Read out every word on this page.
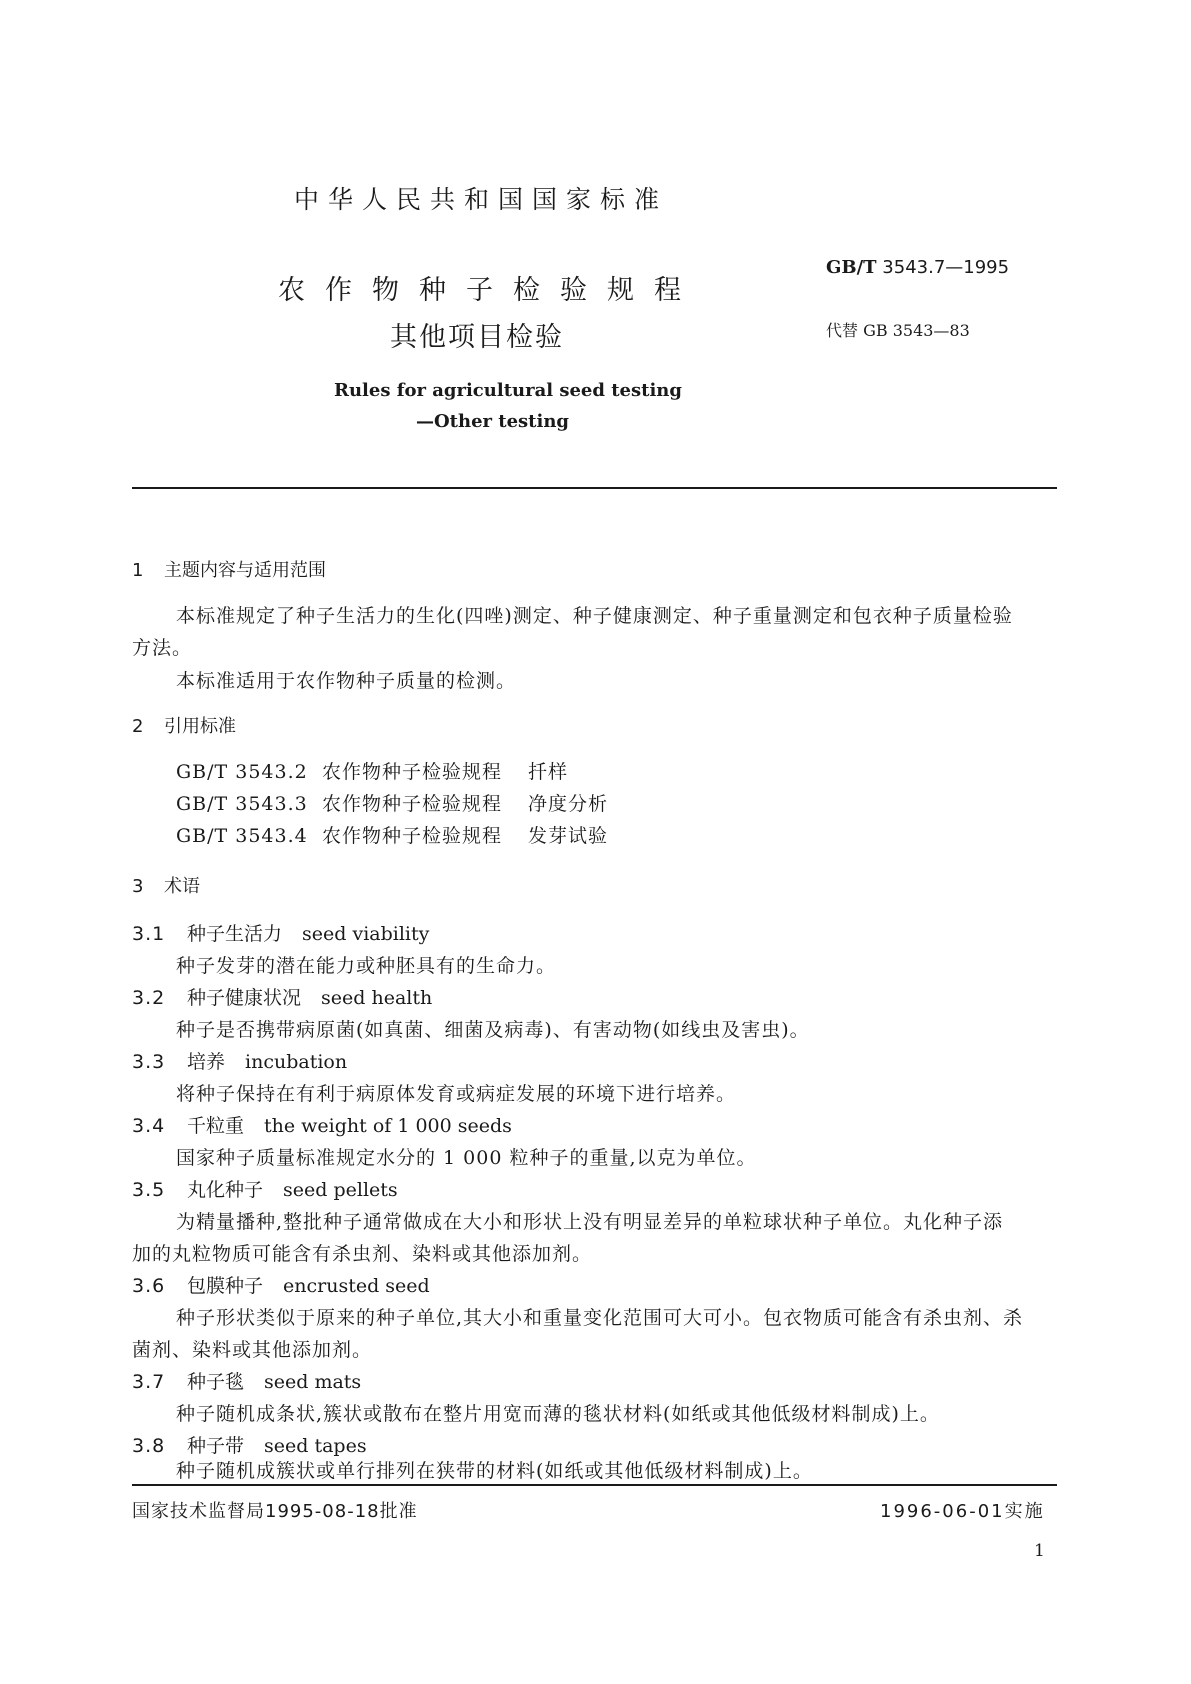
中华人民共和国国家标准
农作物种子检验规程
其他项目检验
GB/T 3543.7—1995
代替 GB 3543—83
Rules for agricultural seed testing
—Other testing
1 主题内容与适用范围
本标准规定了种子生活力的生化(四唑)测定、种子健康测定、种子重量测定和包衣种子质量检验
方法。
本标准适用于农作物种子质量的检测。
2 引用标准
GB/T 3543.2 农作物种子检验规程 扦样
GB/T 3543.3 农作物种子检验规程 净度分析
GB/T 3543.4 农作物种子检验规程 发芽试验
3 术语
3.1 种子生活力 seed viability
种子发芽的潜在能力或种胚具有的生命力。
3.2 种子健康状况 seed health
种子是否携带病原菌(如真菌、细菌及病毒)、有害动物(如线虫及害虫)。
3.3 培养 incubation
将种子保持在有利于病原体发育或病症发展的环境下进行培养。
3.4 千粒重 the weight of 1 000 seeds
国家种子质量标准规定水分的 1 000 粒种子的重量,以克为单位。
3.5 丸化种子 seed pellets
为精量播种,整批种子通常做成在大小和形状上没有明显差异的单粒球状种子单位。丸化种子添
加的丸粒物质可能含有杀虫剂、染料或其他添加剂。
3.6 包膜种子 encrusted seed
种子形状类似于原来的种子单位,其大小和重量变化范围可大可小。包衣物质可能含有杀虫剂、杀
菌剂、染料或其他添加剂。
3.7 种子毯 seed mats
种子随机成条状,簇状或散布在整片用宽而薄的毯状材料(如纸或其他低级材料制成)上。
3.8 种子带 seed tapes
种子随机成簇状或单行排列在狭带的材料(如纸或其他低级材料制成)上。
国家技术监督局1995-08-18批准	1996-06-01实施
1
